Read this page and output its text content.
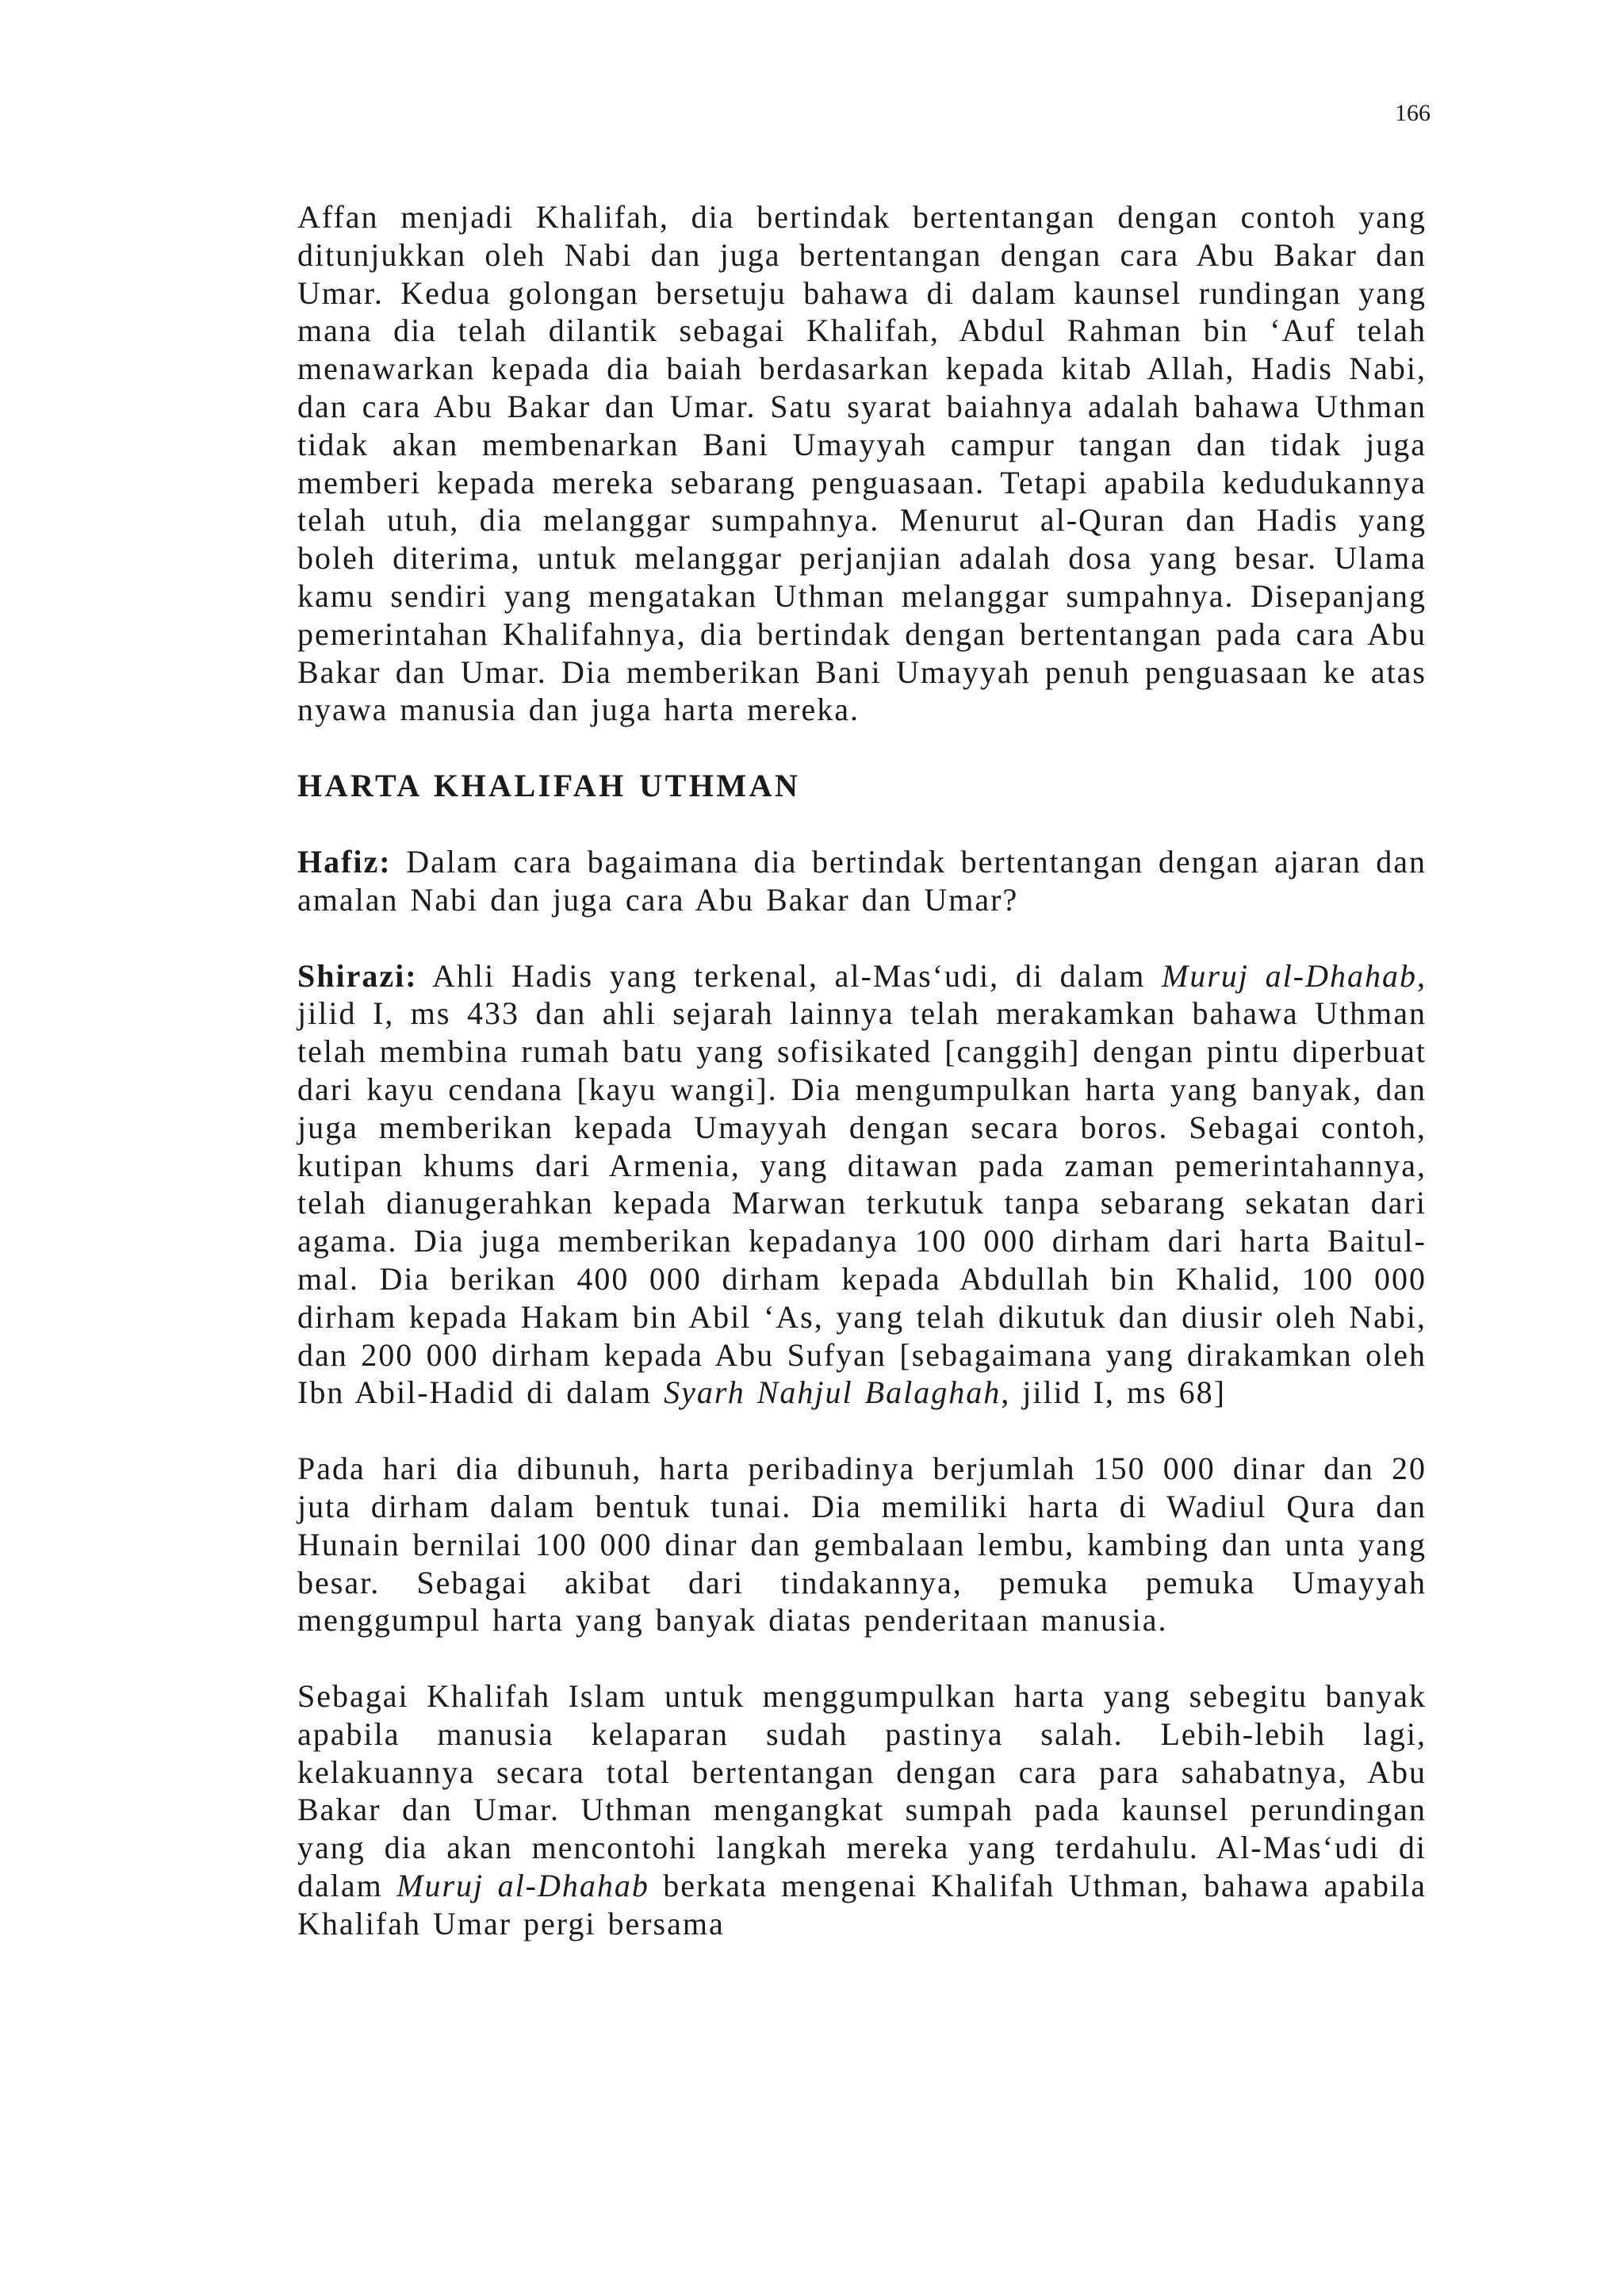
166

Affan menjadi Khalifah, dia bertindak bertentangan dengan contoh yang ditunjukkan oleh Nabi dan juga bertentangan dengan cara Abu Bakar dan Umar. Kedua golongan bersetuju bahawa di dalam kaunsel rundingan yang mana dia telah dilantik sebagai Khalifah, Abdul Rahman bin ‘Auf telah menawarkan kepada dia baiah berdasarkan kepada kitab Allah, Hadis Nabi, dan cara Abu Bakar dan Umar. Satu syarat baiahnya adalah bahawa Uthman tidak akan membenarkan Bani Umayyah campur tangan dan tidak juga memberi kepada mereka sebarang penguasaan. Tetapi apabila kedudukannya telah utuh, dia melanggar sumpahnya. Menurut al-Quran dan Hadis yang boleh diterima, untuk melanggar perjanjian adalah dosa yang besar. Ulama kamu sendiri yang mengatakan Uthman melanggar sumpahnya. Disepanjang pemerintahan Khalifahnya, dia bertindak dengan bertentangan pada cara Abu Bakar dan Umar. Dia memberikan Bani Umayyah penuh penguasaan ke atas nyawa manusia dan juga harta mereka.

HARTA KHALIFAH UTHMAN

Hafiz: Dalam cara bagaimana dia bertindak bertentangan dengan ajaran dan amalan Nabi dan juga cara Abu Bakar dan Umar?

Shirazi: Ahli Hadis yang terkenal, al-Mas‘udi, di dalam Muruj al-Dhahab, jilid I, ms 433 dan ahli sejarah lainnya telah merakamkan bahawa Uthman telah membina rumah batu yang sofisikated [canggih] dengan pintu diperbuat dari kayu cendana [kayu wangi]. Dia mengumpulkan harta yang banyak, dan juga memberikan kepada Umayyah dengan secara boros. Sebagai contoh, kutipan khums dari Armenia, yang ditawan pada zaman pemerintahannya, telah dianugerahkan kepada Marwan terkutuk tanpa sebarang sekatan dari agama. Dia juga memberikan kepadanya 100 000 dirham dari harta Baitul-mal. Dia berikan 400 000 dirham kepada Abdullah bin Khalid, 100 000 dirham kepada Hakam bin Abil ‘As, yang telah dikutuk dan diusir oleh Nabi, dan 200 000 dirham kepada Abu Sufyan [sebagaimana yang dirakamkan oleh Ibn Abil-Hadid di dalam Syarh Nahjul Balaghah, jilid I, ms 68]

Pada hari dia dibunuh, harta peribadinya berjumlah 150 000 dinar dan 20 juta dirham dalam bentuk tunai. Dia memiliki harta di Wadiul Qura dan Hunain bernilai 100 000 dinar dan gembalaan lembu, kambing dan unta yang besar. Sebagai akibat dari tindakannya, pemuka pemuka Umayyah menggumpul harta yang banyak diatas penderitaan manusia.

Sebagai Khalifah Islam untuk menggumpulkan harta yang sebegitu banyak apabila manusia kelaparan sudah pastinya salah. Lebih-lebih lagi, kelakuannya secara total bertentangan dengan cara para sahabatnya, Abu Bakar dan Umar. Uthman mengangkat sumpah pada kaunsel perundingan yang dia akan mencontohi langkah mereka yang terdahulu. Al-Mas‘udi di dalam Muruj al-Dhahab berkata mengenai Khalifah Uthman, bahawa apabila Khalifah Umar pergi bersama
